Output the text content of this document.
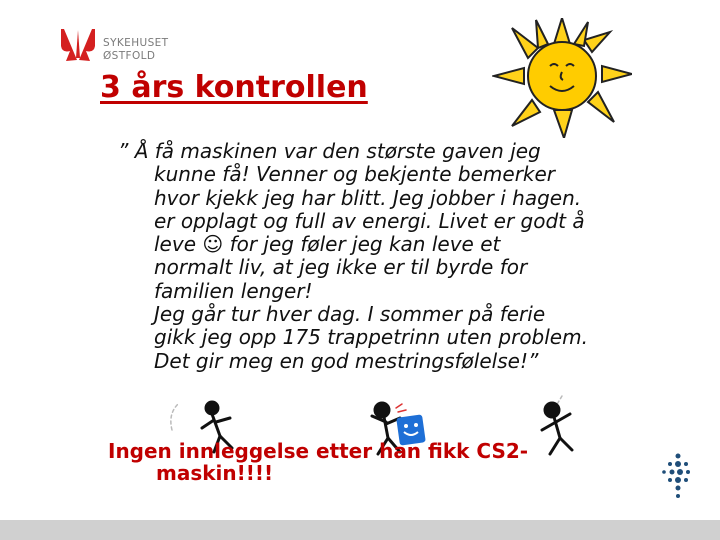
SYKEHUSET
ØSTFOLD
3 års kontrollen
” Å få maskinen var den største gaven jeg
kunne få! Venner og bekjente bemerker
hvor kjekk jeg har blitt. Jeg jobber i hagen.
er opplagt og full av energi. Livet er godt å
leve ☺ for jeg føler jeg kan leve et
normalt liv, at jeg ikke er til byrde for
familien lenger!
Jeg går tur hver dag. I sommer på ferie
gikk jeg opp 175 trappetrinn uten problem.
Det gir meg en god mestringsfølelse!”
Ingen innleggelse etter han fikk CS2-
maskin!!!!
